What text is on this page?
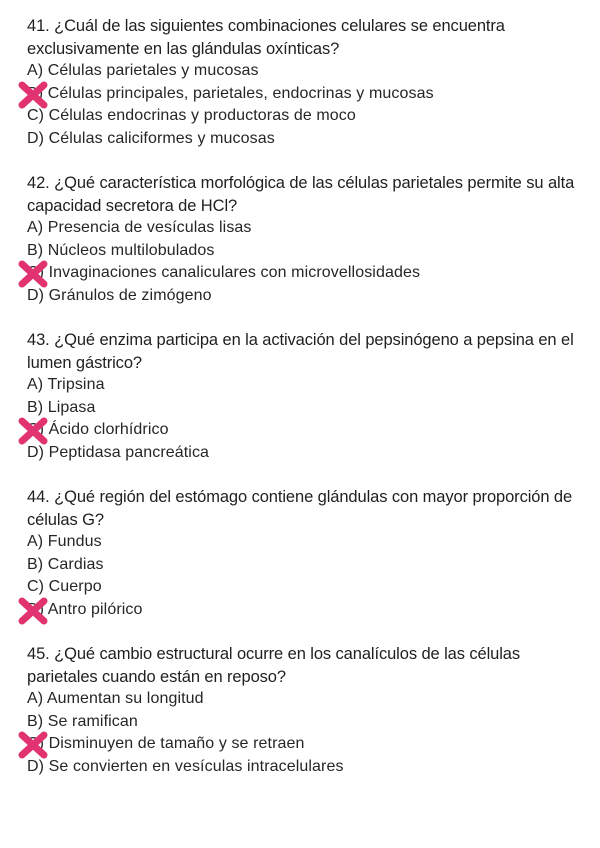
41. ¿Cuál de las siguientes combinaciones celulares se encuentra exclusivamente en las glándulas oxínticas?

A) Células parietales y mucosas

B) Células principales, parietales, endocrinas y mucosas

C) Células endocrinas y productoras de moco

D) Células caliciformes y mucosas

42. ¿Qué característica morfológica de las células parietales permite su alta capacidad secretora de HCl?

A) Presencia de vesículas lisas

B) Núcleos multilobulados

C) Invaginaciones canaliculares con microvellosidades

D) Gránulos de zimógeno

43. ¿Qué enzima participa en la activación del pepsinógeno a pepsina en el lumen gástrico?

A) Tripsina

B) Lipasa

C) Ácido clorhídrico

D) Peptidasa pancreática

44. ¿Qué región del estómago contiene glándulas con mayor proporción de células G?

A) Fundus

B) Cardias

C) Cuerpo

D) Antro pilórico

45. ¿Qué cambio estructural ocurre en los canalículos de las células parietales cuando están en reposo?

A) Aumentan su longitud

B) Se ramifican

C) Disminuyen de tamaño y se retraen

D) Se convierten en vesículas intracelulares
